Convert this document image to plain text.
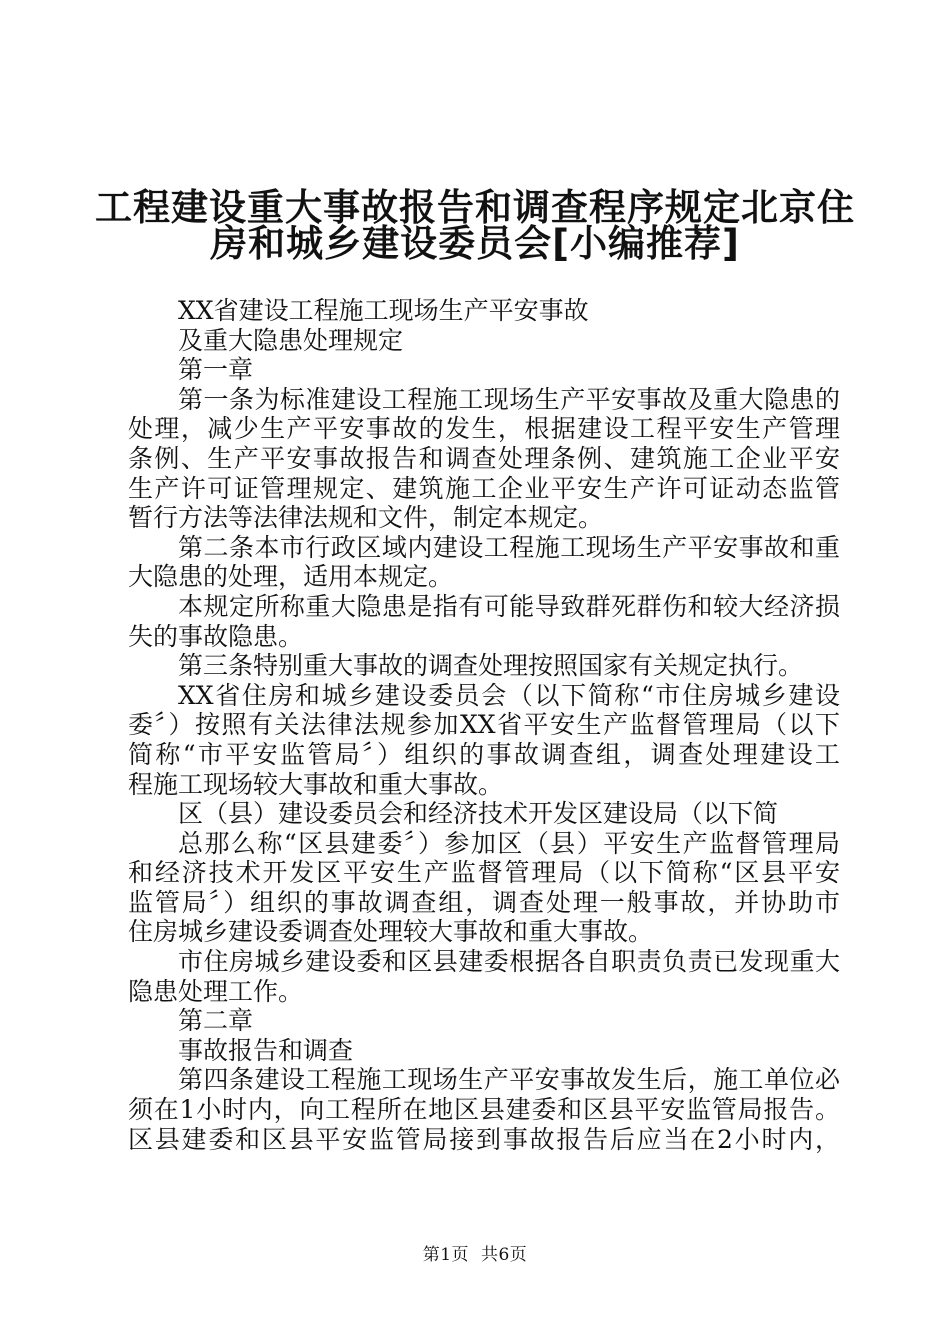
工程建设重大事故报告和调查程序规定北京住
房和城乡建设委员会[小编推荐]

XX省建设工程施工现场生产平安事故

及重大隐患处理规定

第一章

第一条为标准建设工程施工现场生产平安事故及重大隐患的

处理，减少生产平安事故的发生，根据建设工程平安生产管理

条例、生产平安事故报告和调查处理条例、建筑施工企业平安

生产许可证管理规定、建筑施工企业平安生产许可证动态监管

暂行方法等法律法规和文件，制定本规定。

第二条本市行政区域内建设工程施工现场生产平安事故和重

大隐患的处理，适用本规定。

本规定所称重大隐患是指有可能导致群死群伤和较大经济损

失的事故隐患。

第三条特别重大事故的调查处理按照国家有关规定执行。

XX省住房和城乡建设委员会（以下简称“市住房城乡建设

委〞）按照有关法律法规参加XX省平安生产监督管理局（以下

简称“市平安监管局〞）组织的事故调查组，调查处理建设工

程施工现场较大事故和重大事故。

区（县）建设委员会和经济技术开发区建设局（以下简

总那么称“区县建委〞）参加区（县）平安生产监督管理局

和经济技术开发区平安生产监督管理局（以下简称“区县平安

监管局〞）组织的事故调查组，调查处理一般事故，并协助市

住房城乡建设委调查处理较大事故和重大事故。

市住房城乡建设委和区县建委根据各自职责负责已发现重大

隐患处理工作。

第二章

事故报告和调查

第四条建设工程施工现场生产平安事故发生后，施工单位必

须在1小时内，向工程所在地区县建委和区县平安监管局报告。

区县建委和区县平安监管局接到事故报告后应当在2小时内，

第1页 共6页
